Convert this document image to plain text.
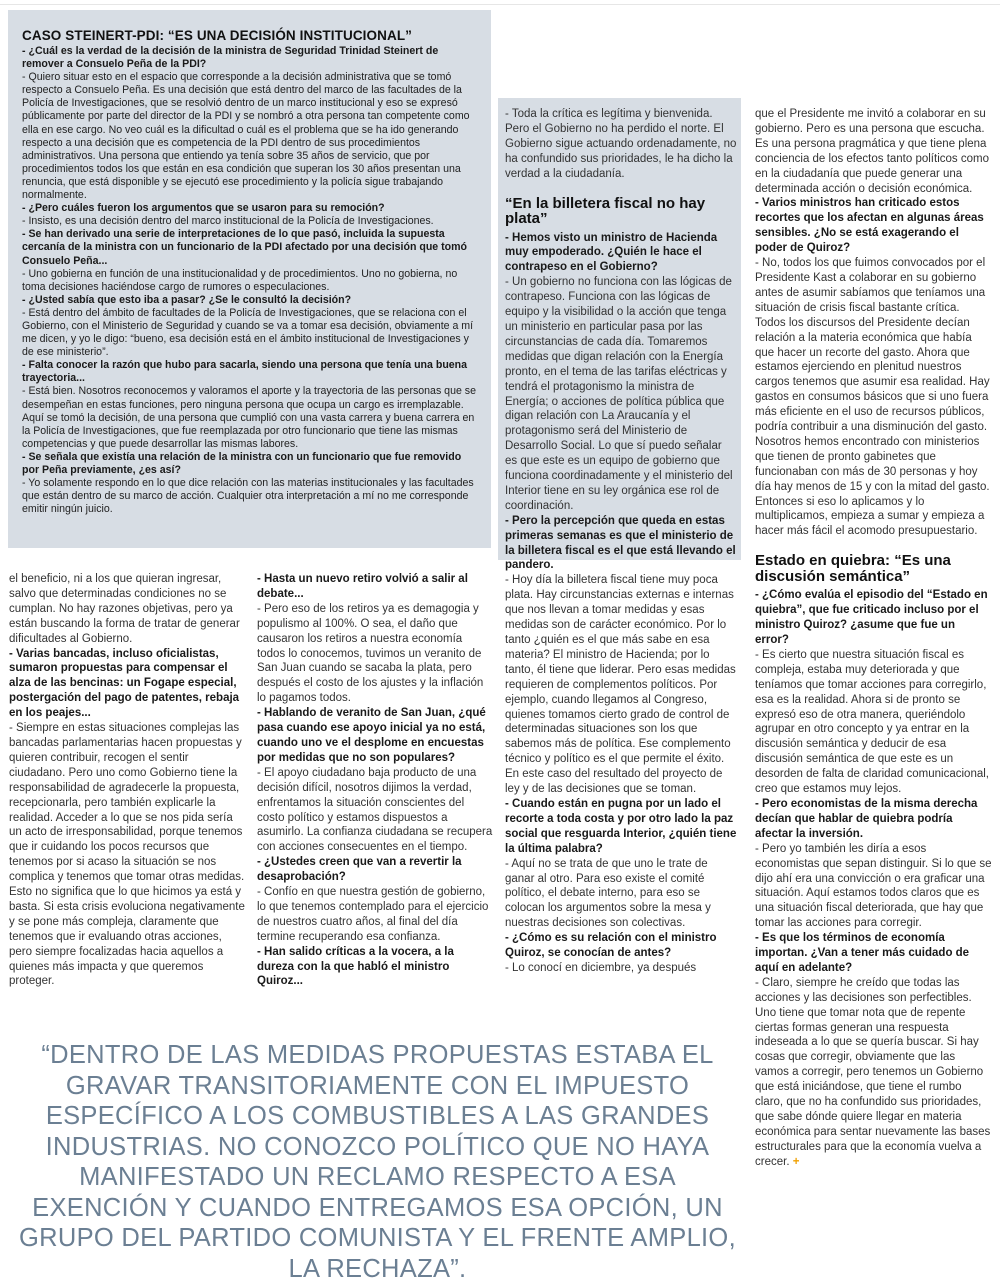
CASO STEINERT-PDI: “ES UNA DECISIÓN INSTITUCIONAL”

- ¿Cuál es la verdad de la decisión de la ministra de Seguridad Trinidad Steinert de remover a Consuelo Peña de la PDI?

- Quiero situar esto en el espacio que corresponde a la decisión administrativa que se tomó respecto a Consuelo Peña. Es una decisión que está dentro del marco de las facultades de la Policía de Investigaciones, que se resolvió dentro de un marco institucional y eso se expresó públicamente por parte del director de la PDI y se nombró a otra persona tan competente como ella en ese cargo. No veo cuál es la dificultad o cuál es el problema que se ha ido generando respecto a una decisión que es competencia de la PDI dentro de sus procedimientos administrativos. Una persona que entiendo ya tenía sobre 35 años de servicio, que por procedimientos todos los que están en esa condición que superan los 30 años presentan una renuncia, que está disponible y se ejecutó ese procedimiento y la policía sigue trabajando normalmente.

- ¿Pero cuáles fueron los argumentos que se usaron para su remoción?

- Insisto, es una decisión dentro del marco institucional de la Policía de Investigaciones.

- Se han derivado una serie de interpretaciones de lo que pasó, incluida la supuesta cercanía de la ministra con un funcionario de la PDI afectado por una decisión que tomó Consuelo Peña...

- Uno gobierna en función de una institucionalidad y de procedimientos. Uno no gobierna, no toma decisiones haciéndose cargo de rumores o especulaciones.

- ¿Usted sabía que esto iba a pasar? ¿Se le consultó la decisión?

- Está dentro del ámbito de facultades de la Policía de Investigaciones, que se relaciona con el Gobierno, con el Ministerio de Seguridad y cuando se va a tomar esa decisión, obviamente a mí me dicen, y yo le digo: “bueno, esa decisión está en el ámbito institucional de Investigaciones y de ese ministerio”.

- Falta conocer la razón que hubo para sacarla, siendo una persona que tenía una buena trayectoria...

- Está bien. Nosotros reconocemos y valoramos el aporte y la trayectoria de las personas que se desempeñan en estas funciones, pero ninguna persona que ocupa un cargo es irremplazable. Aquí se tomó la decisión, de una persona que cumplió con una vasta carrera y buena carrera en la Policía de Investigaciones, que fue reemplazada por otro funcionario que tiene las mismas competencias y que puede desarrollar las mismas labores.

- Se señala que existía una relación de la ministra con un funcionario que fue removido por Peña previamente, ¿es así?

- Yo solamente respondo en lo que dice relación con las materias institucionales y las facultades que están dentro de su marco de acción. Cualquier otra interpretación a mí no me corresponde emitir ningún juicio.

el beneficio, ni a los que quieran ingresar, salvo que determinadas condiciones no se cumplan. No hay razones objetivas, pero ya están buscando la forma de tratar de generar dificultades al Gobierno.

- Varias bancadas, incluso oficialistas, sumaron propuestas para compensar el alza de las bencinas: un Fogape especial, postergación del pago de patentes, rebaja en los peajes...

- Siempre en estas situaciones complejas las bancadas parlamentarias hacen propuestas y quieren contribuir, recogen el sentir ciudadano. Pero uno como Gobierno tiene la responsabilidad de agradecerle la propuesta, recepcionarla, pero también explicarle la realidad. Acceder a lo que se nos pida sería un acto de irresponsabilidad, porque tenemos que ir cuidando los pocos recursos que tenemos por si acaso la situación se nos complica y tenemos que tomar otras medidas. Esto no significa que lo que hicimos ya está y basta. Si esta crisis evoluciona negativamente y se pone más compleja, claramente que tenemos que ir evaluando otras acciones, pero siempre focalizadas hacia aquellos a quienes más impacta y que queremos proteger.

- Hasta un nuevo retiro volvió a salir al debate...

- Pero eso de los retiros ya es demagogia y populismo al 100%. O sea, el daño que causaron los retiros a nuestra economía todos lo conocemos, tuvimos un veranito de San Juan cuando se sacaba la plata, pero después el costo de los ajustes y la inflación lo pagamos todos.

- Hablando de veranito de San Juan, ¿qué pasa cuando ese apoyo inicial ya no está, cuando uno ve el desplome en encuestas por medidas que no son populares?

- El apoyo ciudadano baja producto de una decisión difícil, nosotros dijimos la verdad, enfrentamos la situación conscientes del costo político y estamos dispuestos a asumirlo. La confianza ciudadana se recupera con acciones consecuentes en el tiempo.

- ¿Ustedes creen que van a revertir la desaprobación?

- Confío en que nuestra gestión de gobierno, lo que tenemos contemplado para el ejercicio de nuestros cuatro años, al final del día termine recuperando esa confianza.

- Han salido críticas a la vocera, a la dureza con la que habló el ministro Quiroz...

- Toda la crítica es legítima y bienvenida. Pero el Gobierno no ha perdido el norte. El Gobierno sigue actuando ordenadamente, no ha confundido sus prioridades, le ha dicho la verdad a la ciudadanía.

“En la billetera fiscal no hay plata”

- Hemos visto un ministro de Hacienda muy empoderado. ¿Quién le hace el contrapeso en el Gobierno?

- Un gobierno no funciona con las lógicas de contrapeso. Funciona con las lógicas de equipo y la visibilidad o la acción que tenga un ministerio en particular pasa por las circunstancias de cada día. Tomaremos medidas que digan relación con la Energía pronto, en el tema de las tarifas eléctricas y tendrá el protagonismo la ministra de Energía; o acciones de política pública que digan relación con La Araucanía y el protagonismo será del Ministerio de Desarrollo Social. Lo que sí puedo señalar es que este es un equipo de gobierno que funciona coordinadamente y el ministerio del Interior tiene en su ley orgánica ese rol de coordinación.

- Pero la percepción que queda en estas primeras semanas es que el ministerio de la billetera fiscal es el que está llevando el pandero.

- Hoy día la billetera fiscal tiene muy poca plata. Hay circunstancias externas e internas que nos llevan a tomar medidas y esas medidas son de carácter económico. Por lo tanto ¿quién es el que más sabe en esa materia? El ministro de Hacienda; por lo tanto, él tiene que liderar. Pero esas medidas requieren de complementos políticos. Por ejemplo, cuando llegamos al Congreso, quienes tomamos cierto grado de control de determinadas situaciones son los que sabemos más de política. Ese complemento técnico y político es el que permite el éxito. En este caso del resultado del proyecto de ley y de las decisiones que se toman.

- Cuando están en pugna por un lado el recorte a toda costa y por otro lado la paz social que resguarda Interior, ¿quién tiene la última palabra?

- Aquí no se trata de que uno le trate de ganar al otro. Para eso existe el comité político, el debate interno, para eso se colocan los argumentos sobre la mesa y nuestras decisiones son colectivas.

- ¿Cómo es su relación con el ministro Quiroz, se conocían de antes?

- Lo conocí en diciembre, ya después

que el Presidente me invitó a colaborar en su gobierno. Pero es una persona que escucha. Es una persona pragmática y que tiene plena conciencia de los efectos tanto políticos como en la ciudadanía que puede generar una determinada acción o decisión económica.

- Varios ministros han criticado estos recortes que los afectan en algunas áreas sensibles. ¿No se está exagerando el poder de Quiroz?

- No, todos los que fuimos convocados por el Presidente Kast a colaborar en su gobierno antes de asumir sabíamos que teníamos una situación de crisis fiscal bastante crítica. Todos los discursos del Presidente decían relación a la materia económica que había que hacer un recorte del gasto. Ahora que estamos ejerciendo en plenitud nuestros cargos tenemos que asumir esa realidad. Hay gastos en consumos básicos que si uno fuera más eficiente en el uso de recursos públicos, podría contribuir a una disminución del gasto. Nosotros hemos encontrado con ministerios que tienen de pronto gabinetes que funcionaban con más de 30 personas y hoy día hay menos de 15 y con la mitad del gasto. Entonces si eso lo aplicamos y lo multiplicamos, empieza a sumar y empieza a hacer más fácil el acomodo presupuestario.

Estado en quiebra: “Es una discusión semántica”

- ¿Cómo evalúa el episodio del “Estado en quiebra”, que fue criticado incluso por el ministro Quiroz? ¿asume que fue un error?

- Es cierto que nuestra situación fiscal es compleja, estaba muy deteriorada y que teníamos que tomar acciones para corregirlo, esa es la realidad. Ahora si de pronto se expresó eso de otra manera, queriéndolo agrupar en otro concepto y ya entrar en la discusión semántica y deducir de esa discusión semántica de que este es un desorden de falta de claridad comunicacional, creo que estamos muy lejos.

- Pero economistas de la misma derecha decían que hablar de quiebra podría afectar la inversión.

- Pero yo también les diría a esos economistas que sepan distinguir. Si lo que se dijo ahí era una convicción o era graficar una situación. Aquí estamos todos claros que es una situación fiscal deteriorada, que hay que tomar las acciones para corregir.

- Es que los términos de economía importan. ¿Van a tener más cuidado de aquí en adelante?

- Claro, siempre he creído que todas las acciones y las decisiones son perfectibles. Uno tiene que tomar nota que de repente ciertas formas generan una respuesta indeseada a lo que se quería buscar. Si hay cosas que corregir, obviamente que las vamos a corregir, pero tenemos un Gobierno que está iniciándose, que tiene el rumbo claro, que no ha confundido sus prioridades, que sabe dónde quiere llegar en materia económica para sentar nuevamente las bases estructurales para que la economía vuelva a crecer. +

“DENTRO DE LAS MEDIDAS PROPUESTAS ESTABA EL GRAVAR TRANSITORIAMENTE CON EL IMPUESTO ESPECÍFICO A LOS COMBUSTIBLES A LAS GRANDES INDUSTRIAS. NO CONOZCO POLÍTICO QUE NO HAYA MANIFESTADO UN RECLAMO RESPECTO A ESA EXENCIÓN Y CUANDO ENTREGAMOS ESA OPCIÓN, UN GRUPO DEL PARTIDO COMUNISTA Y EL FRENTE AMPLIO, LA RECHAZA”.
